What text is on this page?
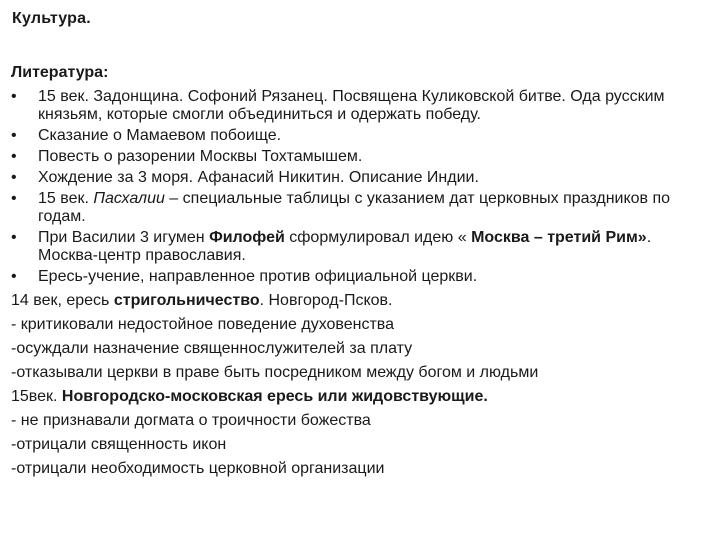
Культура.
Литература:
• 15 век. Задонщина. Софоний Рязанец. Посвящена Куликовской битве. Ода русским князьям, которые смогли объединиться и одержать победу.
• Сказание о Мамаевом побоище.
• Повесть о разорении Москвы Тохтамышем.
• Хождение за 3 моря. Афанасий Никитин. Описание Индии.
• 15 век. Пасхалии – специальные таблицы с указанием дат церковных праздников по годам.
• При Василии 3 игумен Филофей сформулировал идею « Москва – третий Рим». Москва-центр православия.
• Ересь-учение, направленное против официальной церкви.
14 век, ересь стригольничество. Новгород-Псков.
- критиковали недостойное поведение духовенства
-осуждали назначение священнослужителей за плату
-отказывали церкви в праве быть посредником между богом и людьми
15век. Новгородско-московская ересь или жидовствующие.
- не признавали догмата о троичности божества
-отрицали священность икон
-отрицали необходимость церковной организации
